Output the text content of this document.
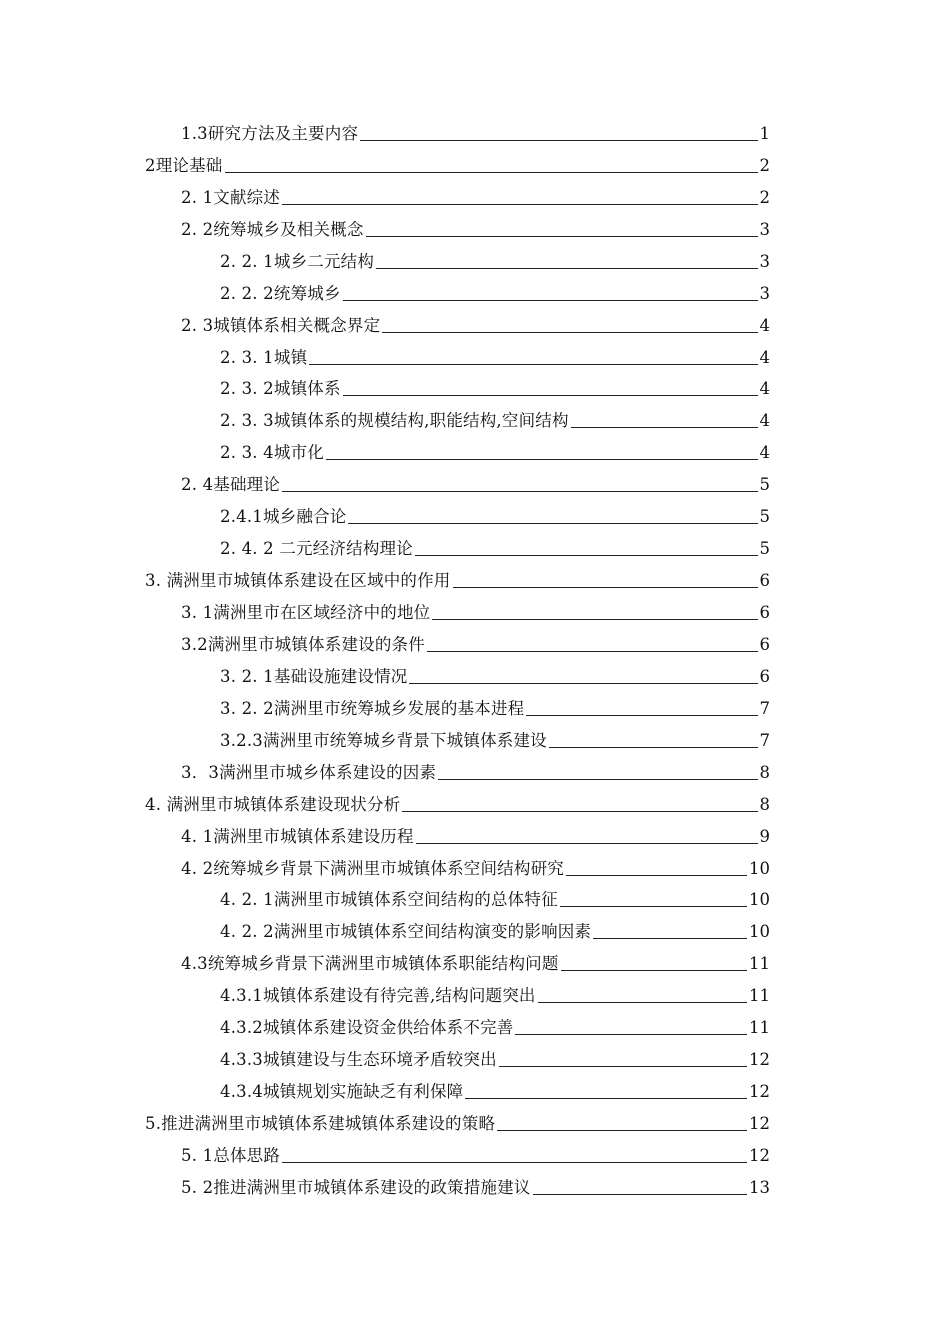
1.3研究方法及主要内容	1
2理论基础	2
2. 1文献综述	2
2. 2统筹城乡及相关概念	3
2. 2. 1城乡二元结构	3
2. 2. 2统筹城乡	3
2. 3城镇体系相关概念界定	4
2. 3. 1城镇	4
2. 3. 2城镇体系	4
2. 3. 3城镇体系的规模结构,职能结构,空间结构	4
2. 3. 4城市化	4
2. 4基础理论	5
2.4.1城乡融合论	5
2. 4. 2 二元经济结构理论	5
3. 满洲里市城镇体系建设在区域中的作用	6
3. 1满洲里市在区域经济中的地位	6
3.2满洲里市城镇体系建设的条件	6
3. 2. 1基础设施建设情况	6
3. 2. 2满洲里市统筹城乡发展的基本进程	7
3.2.3满洲里市统筹城乡背景下城镇体系建设	7
3．3满洲里市城乡体系建设的因素	8
4. 满洲里市城镇体系建设现状分析	8
4. 1满洲里市城镇体系建设历程	9
4. 2统筹城乡背景下满洲里市城镇体系空间结构研究	10
4. 2. 1满洲里市城镇体系空间结构的总体特征	10
4. 2. 2满洲里市城镇体系空间结构演变的影响因素	10
4.3统筹城乡背景下满洲里市城镇体系职能结构问题	11
4.3.1城镇体系建设有待完善,结构问题突出	11
4.3.2城镇体系建设资金供给体系不完善	11
4.3.3城镇建设与生态环境矛盾较突出	12
4.3.4城镇规划实施缺乏有利保障	12
5.推进满洲里市城镇体系建城镇体系建设的策略	12
5. 1总体思路	12
5. 2推进满洲里市城镇体系建设的政策措施建议	13
